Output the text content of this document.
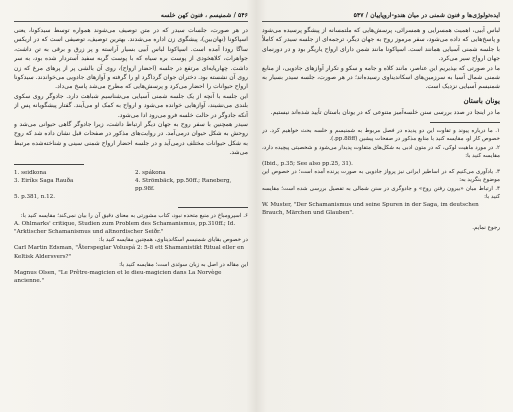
۵۴۶ / شمنیسم ، فنون کهن خلسه

در هر صورت، جلسات سیدر که در متن توصیف می‌شوند همواره توسط سیدکونا، یعنی اسپاکونا (نهان‌بین)، پیشگوی زن اداره می‌شدند. بهترین توصیف، توصیفی است که در اریکس ساگا رودا آمده است. اسپاکونا لباس آبیی بسیار آراسته و پر زرق و برقی به تن داشت، جواهرات، کلاهخودی از پوست بره سیاه که با پوست گربه سفید آستردار شده بود، به سر داشت. چهارپایه‌ای مرتفع در جلسه (احضار ارواح)، روی آن بالشی پر از پرهای مرغ که زن روی آن نشسته بود. دختران جوان گرداگرد او را گرفته و آوازهای جادویی می‌خواندند. سیدکونا ارواح حیوانات را احضار می‌کرد و پرسش‌هایی که مطرح می‌شد پاسخ می‌داد.

این جلسه با آنچه از یک جلسه شمنی آسیایی می‌شناسیم شباهت دارد. جادوگر روی سکوی بلندی می‌نشیند، آوازهایی خوانده می‌شود و ارواح به کمک او می‌آیند. گفتار پیشگویانه پس از آنکه جادوگر در حالت خلسه فرو می‌رود ادا می‌شود.

سیدر همچنین با سفر روح به جهان دیگر ارتباط داشت، زیرا جادوگر گاهی حیوانی می‌شد و روحش به شکل حیوان درمی‌آمد. در روایت‌های مذکور در صفحات قبل نشان داده شد که روح به شکل حیوانات مختلف درمی‌آید و در جلسه احضار ارواح شمنی سینی و شناخته‌شده مرتبط می‌شد.

1. seidkona	2. spákona
3. Eiríks Saga Rauða	4. Strömbäck, pp.50ff.; Raneberg, pp.98f.
5. p.381, n.12.

۶. اسپرومباخ در منبع متحده نبود، کتاب مشورتی به معنای دقیق آن را بیان نمی‌کند؛ مقایسه کنید با:

A. Ohlmarks' critique, Studien zum Problem des Schamanismus, pp.310ff.; Id. "Arktischer Schamanismus und altnordischer Seiðr."

در خصوص بقایای شمنیسم اسکاندیناوی، همچنین مقایسه کنید با:

Carl Martin Edsman, "Återspeglar Voluspá 2: 5-8 ett Shamanistikt Ritual eller en Keltisk Aldersvers?"

این مقاله در اصل به زبان سوئدی است؛ مقایسه کنید با:

Magnus Olsen, "Le Prêtre-magicien et le dieu-magicien dans La Norvège ancienne."
ایده‌تولوژی‌ها و فنون شمنی در میان هندو-اروپاییان / ۵۴۷

لباس آبیی، اهمیت همسرایی و همسرائی، پرسش‌هایی که ملتمسانه از پیشگو پرسیده می‌شود و پاسخ‌هایی که داده می‌شود، سفر مرموز روح به جهان دیگر، ترجمه‌ای از جلسه سیدر که کاملاً با جلسه شمنی آسیایی همانند است. اسپاکونا مانند شمن دارای ارواح یاریگر بود و در دورنمای جهان ارواح سیر می‌کرد.

ما در صورتی که بپذیریم این عناصر، مانند کلاه و جامه و سکو و تکرار آوازهای جادویی، از منابع شمنی شمال آسیا به سرزمین‌های اسکاندیناوی رسیده‌اند؛ در هر صورت، جلسه سیدر بسیار به شمنیسم آسیایی نزدیک است.

یونان باستان

ما در اینجا در صدد بررسی سنن خلسه‌آمیز متنوعی که در یونان باستان تأیید شده‌اند نیستیم.

۱. ما درباره پیوند و تفاوت این دو پدیده در فصل مربوط به شمنیسم و خلسه بحث خواهیم کرد. در خصوص کار او، مقایسه کنید با منابع مذکور در صفحات پیشین (pp.88ff.).

۲. در مورد ماهیت لوکی، که در متون ادبی به شکل‌های متفاوت پدیدار می‌شود و شخصیتی پیچیده دارد، مقایسه کنید با:

(Ibid., p.35; See also pp.25, 31).

۳. یادآوری می‌کنیم که در اساطیر ایرانی نیز پرواز جادویی به صورت پرنده آمده است؛ در خصوص این موضوع بنگرید به:

۴. ارتباط میان «بیرون رفتن روح» و جادوگری در سنن شمالی به تفصیل بررسی شده است؛ مقایسه کنید با:

W. Muster, "Der Schamanismus und seine Spuren in der Saga, im deutschen Brauch, Märchen und Glauben".
رجوع نمایم.
